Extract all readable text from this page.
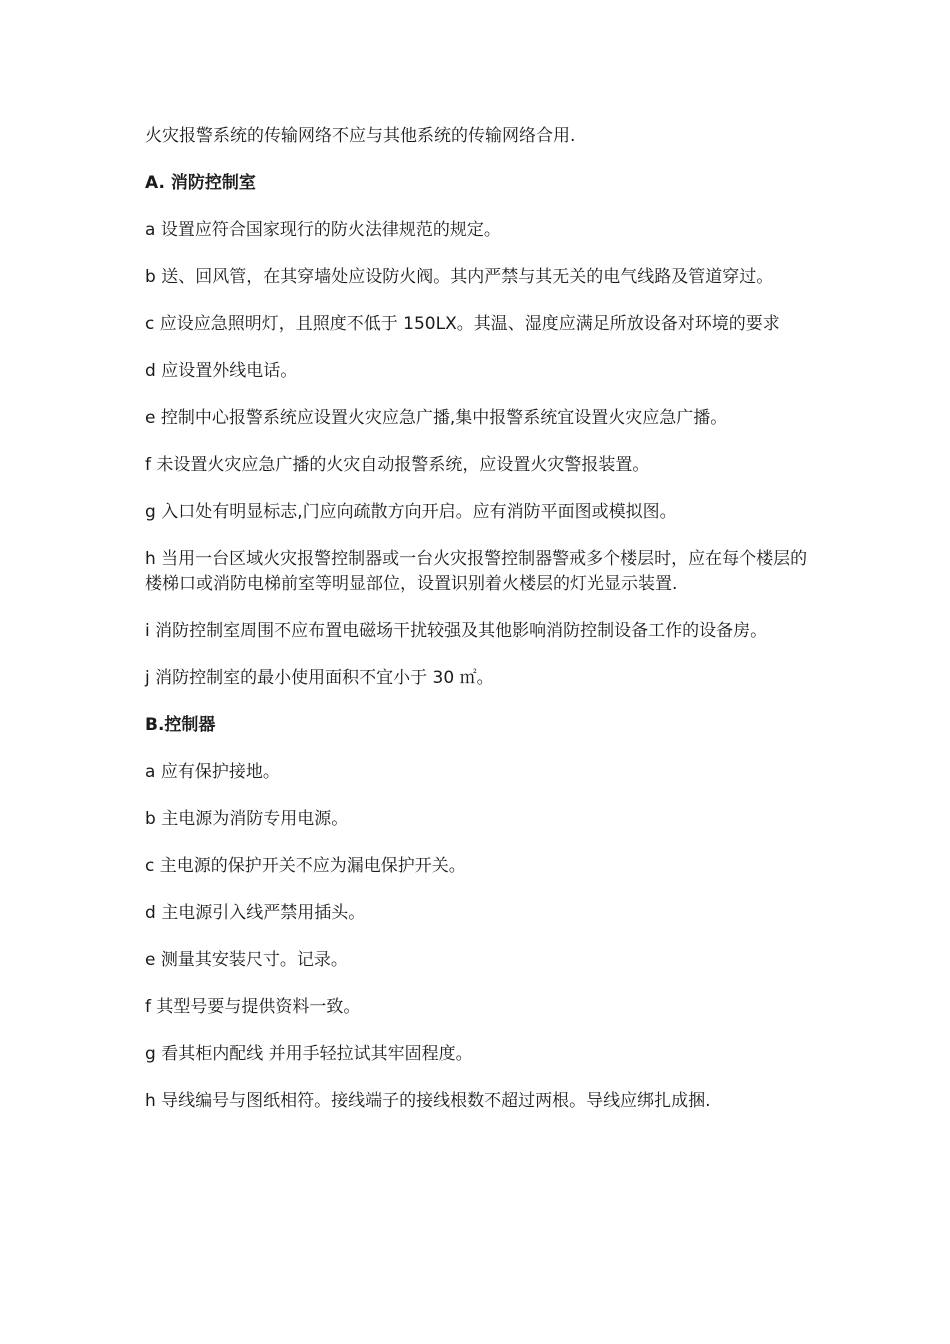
火灾报警系统的传输网络不应与其他系统的传输网络合用.

A. 消防控制室

a 设置应符合国家现行的防火法律规范的规定。

b 送、回风管，在其穿墙处应设防火阀。其内严禁与其无关的电气线路及管道穿过。

c 应设应急照明灯，且照度不低于 150LX。其温、湿度应满足所放设备对环境的要求

d 应设置外线电话。

e 控制中心报警系统应设置火灾应急广播,集中报警系统宜设置火灾应急广播。

f 未设置火灾应急广播的火灾自动报警系统，应设置火灾警报装置。

g 入口处有明显标志,门应向疏散方向开启。应有消防平面图或模拟图。

h 当用一台区域火灾报警控制器或一台火灾报警控制器警戒多个楼层时，应在每个楼层的楼梯口或消防电梯前室等明显部位，设置识别着火楼层的灯光显示装置.

i 消防控制室周围不应布置电磁场干扰较强及其他影响消防控制设备工作的设备房。

j 消防控制室的最小使用面积不宜小于 30 ㎡。

B.控制器

a 应有保护接地。

b 主电源为消防专用电源。

c 主电源的保护开关不应为漏电保护开关。

d 主电源引入线严禁用插头。

e 测量其安装尺寸。记录。

f 其型号要与提供资料一致。

g 看其柜内配线 并用手轻拉试其牢固程度。

h 导线编号与图纸相符。接线端子的接线根数不超过两根。导线应绑扎成捆.
